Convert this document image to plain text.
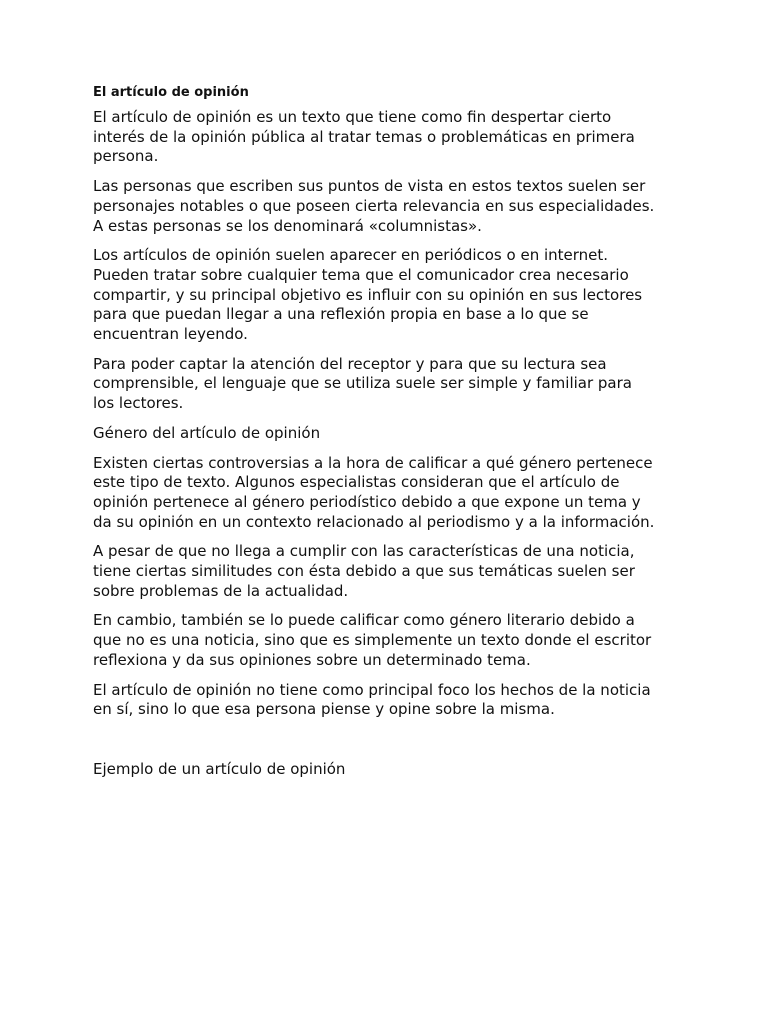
El artículo de opinión

El artículo de opinión es un texto que tiene como fin despertar cierto
interés de la opinión pública al tratar temas o problemáticas en primera
persona.

Las personas que escriben sus puntos de vista en estos textos suelen ser
personajes notables o que poseen cierta relevancia en sus especialidades.
A estas personas se los denominará «columnistas».

Los artículos de opinión suelen aparecer en periódicos o en internet.
Pueden tratar sobre cualquier tema que el comunicador crea necesario
compartir, y su principal objetivo es influir con su opinión en sus lectores
para que puedan llegar a una reflexión propia en base a lo que se
encuentran leyendo.

Para poder captar la atención del receptor y para que su lectura sea
comprensible, el lenguaje que se utiliza suele ser simple y familiar para
los lectores.

Género del artículo de opinión

Existen ciertas controversias a la hora de calificar a qué género pertenece
este tipo de texto. Algunos especialistas consideran que el artículo de
opinión pertenece al género periodístico debido a que expone un tema y
da su opinión en un contexto relacionado al periodismo y a la información.

A pesar de que no llega a cumplir con las características de una noticia,
tiene ciertas similitudes con ésta debido a que sus temáticas suelen ser
sobre problemas de la actualidad.

En cambio, también se lo puede calificar como género literario debido a
que no es una noticia, sino que es simplemente un texto donde el escritor
reflexiona y da sus opiniones sobre un determinado tema.

El artículo de opinión no tiene como principal foco los hechos de la noticia
en sí, sino lo que esa persona piense y opine sobre la misma.

Ejemplo de un artículo de opinión
